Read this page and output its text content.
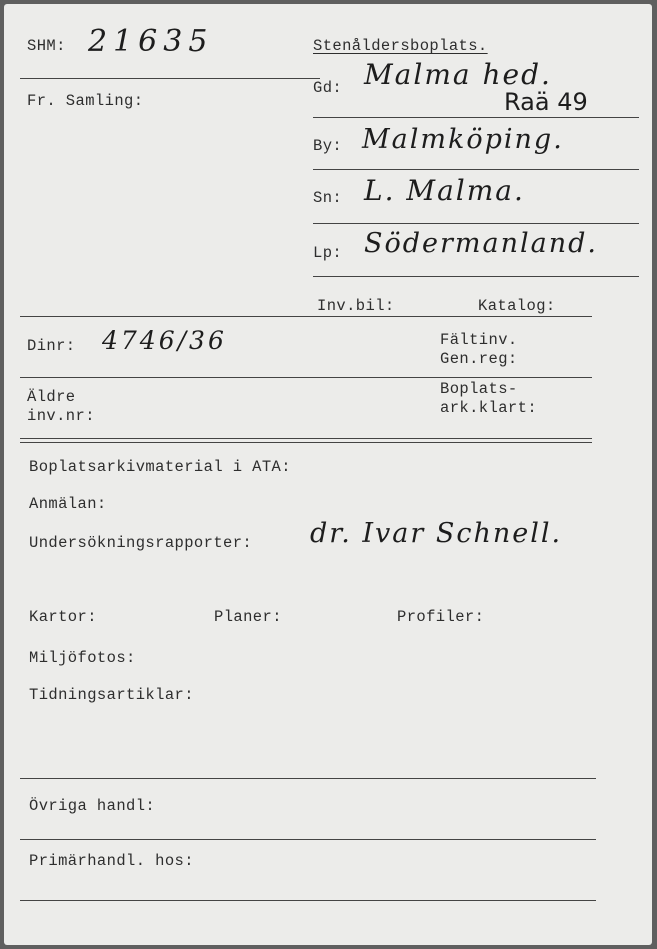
SHM: 21635
Fr. Samling:
Stenåldersboplats.
Gd: Malma hed.
Raä 49
By: Malmköping.
Sn: L. Malma.
Lp: Södermanland.
Inv.bil:	Katalog:
Dinr: 4746/36	Fältinv.
Gen.reg:
Äldre
inv.nr:
Boplats-
ark.klart:
Boplatsarkivmaterial i ATA:
Anmälan:
Undersökningsrapporter: dr. Ivar Schnell.
Kartor:	Planer:	Profiler:
Miljöfotos:
Tidningsartiklar:
Övriga handl:
Primärhandl. hos:
